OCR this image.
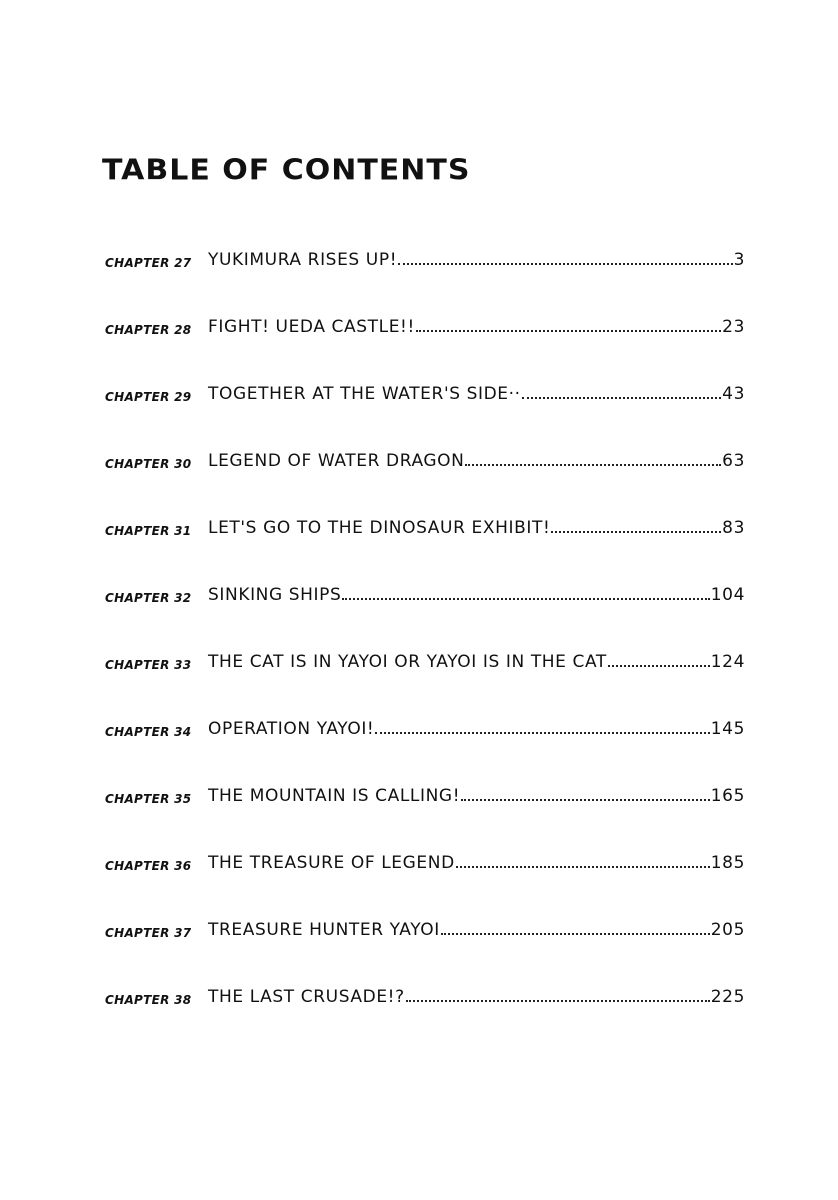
TABLE OF CONTENTS
CHAPTER 27 YUKIMURA RISES UP!	3
CHAPTER 28 FIGHT! UEDA CASTLE!!	23
CHAPTER 29 TOGETHER AT THE WATER'S SIDE··	43
CHAPTER 30 LEGEND OF WATER DRAGON	63
CHAPTER 31 LET'S GO TO THE DINOSAUR EXHIBIT!	83
CHAPTER 32 SINKING SHIPS	104
CHAPTER 33 THE CAT IS IN YAYOI OR YAYOI IS IN THE CAT	124
CHAPTER 34 OPERATION YAYOI!	145
CHAPTER 35 THE MOUNTAIN IS CALLING!	165
CHAPTER 36 THE TREASURE OF LEGEND	185
CHAPTER 37 TREASURE HUNTER YAYOI	205
CHAPTER 38 THE LAST CRUSADE!?	225
